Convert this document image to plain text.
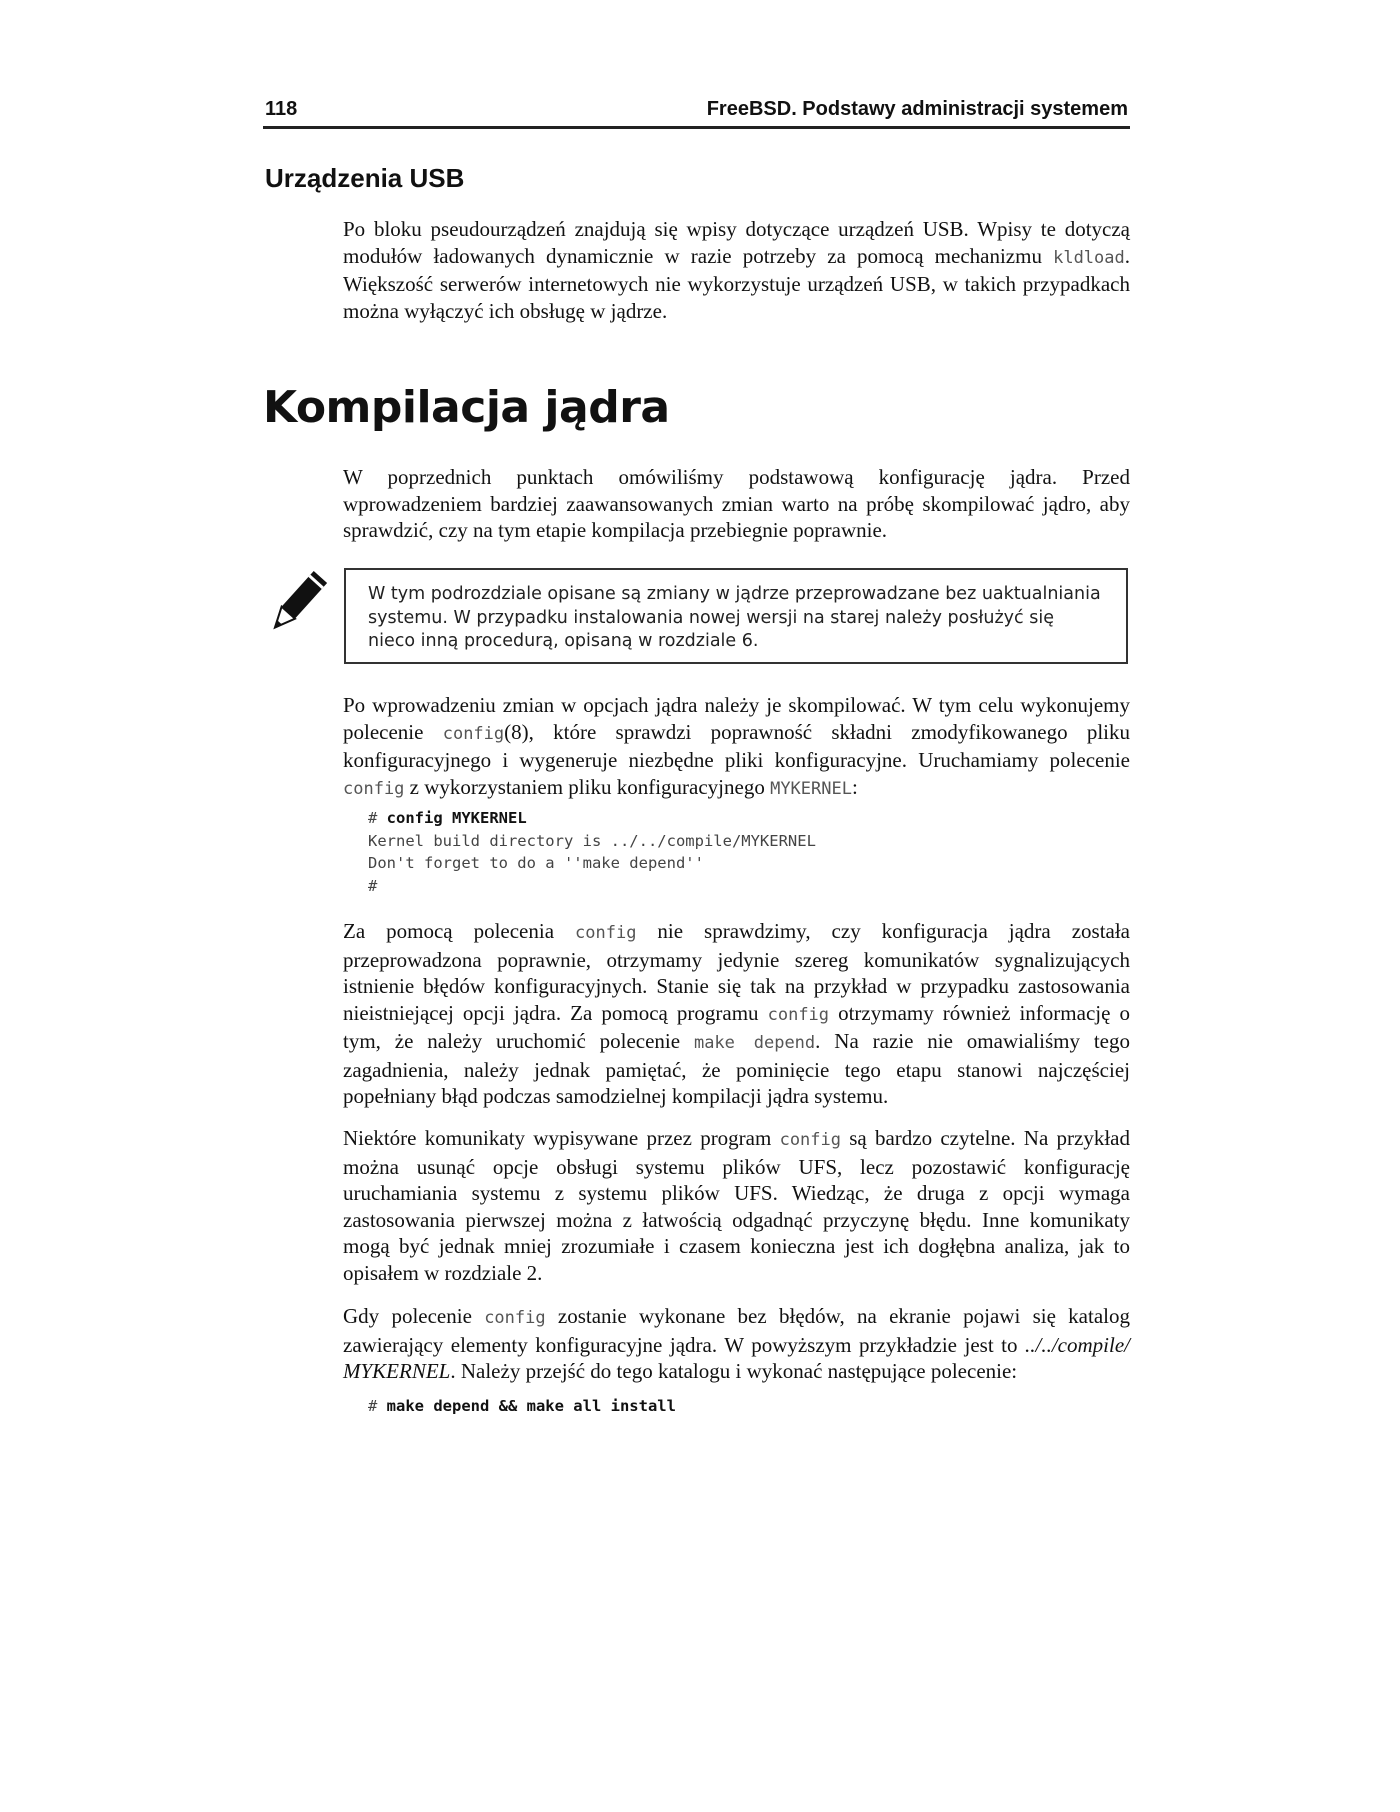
118	FreeBSD. Podstawy administracji systemem
Urządzenia USB

Po bloku pseudourządzeń znajdują się wpisy dotyczące urządzeń USB. Wpisy te dotyczą modułów ładowanych dynamicznie w razie potrzeby za pomocą mechanizmu kldload. Większość serwerów internetowych nie wykorzystuje urządzeń USB, w takich przypadkach można wyłączyć ich obsługę w jądrze.

Kompilacja jądra

W poprzednich punktach omówiliśmy podstawową konfigurację jądra. Przed wprowadzeniem bardziej zaawansowanych zmian warto na próbę skompilować jądro, aby sprawdzić, czy na tym etapie kompilacja przebiegnie poprawnie.

W tym podrozdziale opisane są zmiany w jądrze przeprowadzane bez uaktualniania systemu. W przypadku instalowania nowej wersji na starej należy posłużyć się nieco inną procedurą, opisaną w rozdziale 6.

Po wprowadzeniu zmian w opcjach jądra należy je skompilować. W tym celu wykonujemy polecenie config(8), które sprawdzi poprawność składni zmodyfikowanego pliku konfiguracyjnego i wygeneruje niezbędne pliki konfiguracyjne. Uruchamiamy polecenie config z wykorzystaniem pliku konfiguracyjnego MYKERNEL:

# config MYKERNEL
Kernel build directory is ../../compile/MYKERNEL
Don't forget to do a ''make depend''
#

Za pomocą polecenia config nie sprawdzimy, czy konfiguracja jądra została przeprowadzona poprawnie, otrzymamy jedynie szereg komunikatów sygnalizujących istnienie błędów konfiguracyjnych. Stanie się tak na przykład w przypadku zastosowania nieistniejącej opcji jądra. Za pomocą programu config otrzymamy również informację o tym, że należy uruchomić polecenie make depend. Na razie nie omawialiśmy tego zagadnienia, należy jednak pamiętać, że pominięcie tego etapu stanowi najczęściej popełniany błąd podczas samodzielnej kompilacji jądra systemu.

Niektóre komunikaty wypisywane przez program config są bardzo czytelne. Na przykład można usunąć opcje obsługi systemu plików UFS, lecz pozostawić konfigurację uruchamiania systemu z systemu plików UFS. Wiedząc, że druga z opcji wymaga zastosowania pierwszej można z łatwością odgadnąć przyczynę błędu. Inne komunikaty mogą być jednak mniej zrozumiałe i czasem konieczna jest ich dogłębna analiza, jak to opisałem w rozdziale 2.

Gdy polecenie config zostanie wykonane bez błędów, na ekranie pojawi się katalog zawierający elementy konfiguracyjne jądra. W powyższym przykładzie jest to ../../compile/ MYKERNEL. Należy przejść do tego katalogu i wykonać następujące polecenie:

# make depend && make all install
